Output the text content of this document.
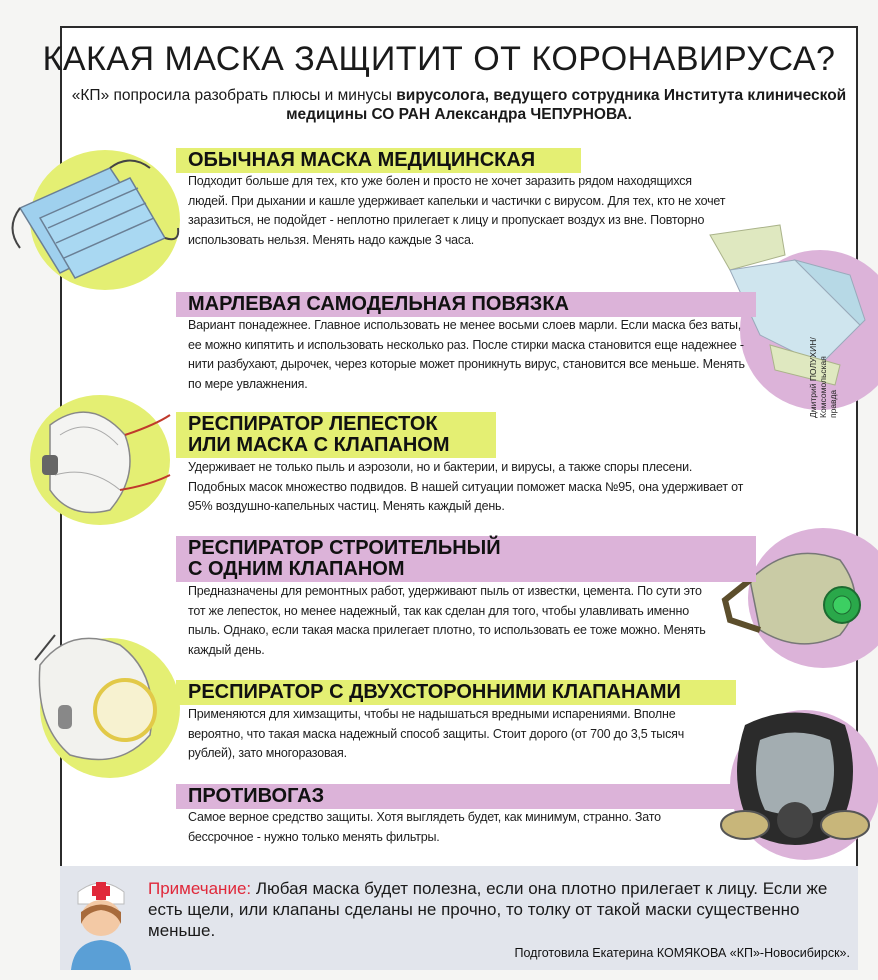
КАКАЯ МАСКА ЗАЩИТИТ ОТ КОРОНАВИРУСА?
«КП» попросила разобрать плюсы и минусы вирусолога, ведущего сотрудника Института клинической медицины СО РАН Александра ЧЕПУРНОВА.
ОБЫЧНАЯ МАСКА МЕДИЦИНСКАЯ
Подходит больше для тех, кто уже болен и просто не хочет заразить рядом находящихся людей. При дыхании и кашле удерживает капельки и частички с вирусом. Для тех, кто не хочет заразиться, не подойдет - неплотно прилегает к лицу и пропускает воздух из вне. Повторно использовать нельзя. Менять надо каждые 3 часа.
МАРЛЕВАЯ САМОДЕЛЬНАЯ ПОВЯЗКА
Вариант понадежнее. Главное использовать не менее восьми слоев марли. Если маска без ваты, ее можно кипятить и использовать несколько раз. После стирки маска становится еще надежнее - нити разбухают, дырочек, через которые может проникнуть вирус, становится все меньше. Менять по мере увлажнения.
РЕСПИРАТОР ЛЕПЕСТОК
ИЛИ МАСКА С КЛАПАНОМ
Удерживает не только пыль и аэрозоли, но и бактерии, и вирусы, а также споры плесени. Подобных масок множество подвидов. В нашей ситуации поможет маска №95, она удерживает от 95% воздушно-капельных частиц. Менять каждый день.
Дмитрий ПОЛУХИН/ Комсомольская правда
РЕСПИРАТОР СТРОИТЕЛЬНЫЙ
С ОДНИМ КЛАПАНОМ
Предназначены для ремонтных работ, удерживают пыль от известки, цемента. По сути это тот же лепесток, но менее надежный, так как сделан для того, чтобы улавливать именно пыль. Однако, если такая маска прилегает плотно, то использовать ее тоже можно. Менять каждый день.
РЕСПИРАТОР С ДВУХСТОРОННИМИ КЛАПАНАМИ
Применяются для химзащиты, чтобы не надышаться вредными испарениями. Вполне вероятно, что такая маска надежный способ защиты. Стоит дорого (от 700 до 3,5 тысяч рублей), зато многоразовая.
ПРОТИВОГАЗ
Самое верное средство защиты. Хотя выглядеть будет, как минимум, странно. Зато бессрочное - нужно только менять фильтры.
Примечание: Любая маска будет полезна, если она плотно прилегает к лицу. Если же есть щели, или клапаны сделаны не прочно, то толку от такой маски существенно меньше.
Подготовила Екатерина КОМЯКОВА «КП»-Новосибирск».
